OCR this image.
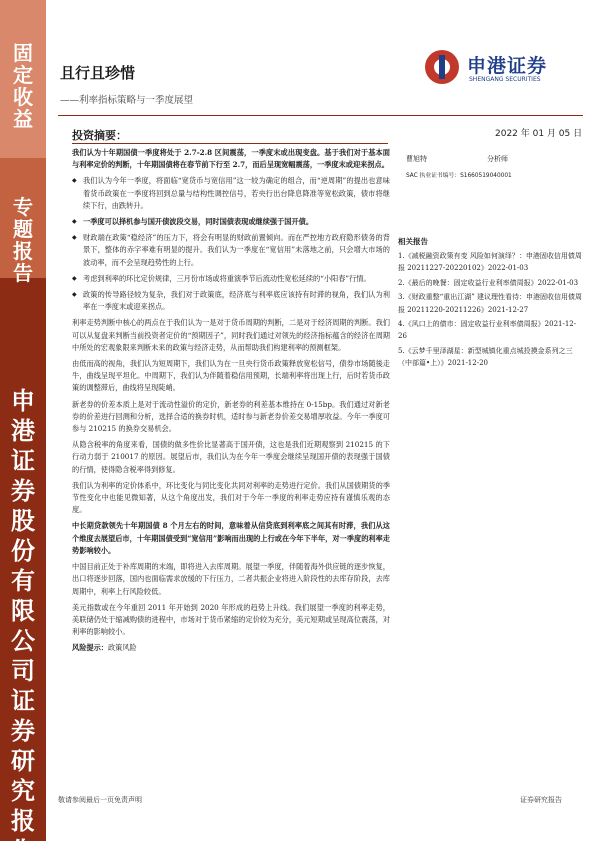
固
定
收
益
专
题
报
告
申
港
证
券
股
份
有
限
公
司
证
券
研
究
报
告
且行且珍惜
——利率指标策略与一季度展望
申港证券
SHENGANG SECURITIES
投资摘要：

我们认为十年期国债一季度将处于 2.7-2.8 区间震荡，一季度末或出现变盘。基于我们对于基本面与利率定价的判断，十年期国债将在春节前下行至 2.7，而后呈现宽幅震荡，一季度末或迎来拐点。

◆ 我们认为今年一季度，将面临“宽货币与宽信用”这一较为确定的组合，而“逆周期”的提出也意味着货币政策在一季度将回到总量与结构性调控信号，若央行出台降息降准等宽松政策，债市将继续下行，由跌转升。

◆ 一季度可以择机参与国开债波段交易，同时国债表现或继续强于国开债。

◆ 财政端在政策“稳经济”的压力下，将会有明显的财政前置倾向。而在严控地方政府隐形债务的背景下，整体的赤字率难有明显的提升。我们认为一季度在“宽信用”未落地之前，只会增大市场的波动率，而不会呈现趋势性的上行。

◆ 考虑到利率的环比定价规律，三月份市场或将重演季节后流动性宽松延续的“小阳春”行情。

◆ 政策的传导路径较为复杂，我们对于政策底，经济底与利率底应该持有时滞的视角，我们认为利率在一季度末或迎来拐点。

利率走势判断中核心的两点在于我们认为一是对于货币周期的判断，二是对于经济周期的判断。我们可以从复盘来判断当前投资者定价的“预期因子”，同时我们通过对领先的经济指标蕴含的经济在周期中所处的宏观象限来判断未来的政策与经济走势，从而帮助我们构建利率的预测框架。

由低而高的视角，我们认为短周期下，我们认为在一旦央行货币政策释放宽松信号，债券市场随後走牛，曲线呈现平坦化。中周期下，我们认为伴随着稳信用预期，长端利率将出现上行，后时若货币政策的调整滞后，曲线将呈现陡峭。

新老券的价差本质上是对于流动性溢价的定价，新老券的利差基本维持在 0-15bp。我们通过对新老券的价差进行回测和分析，选择合适的换券时机，适时参与新老券价差交易增厚收益。今年一季度可参与 210215 的换券交易机会。

从隐含税率的角度来看，国债的做多性价比显著高于国开债，这也是我们近期观察到 210215 的下行动力弱于 210017 的原因。展望后市，我们认为在今年一季度会继续呈现国开债的表现强于国债的行情，使得隐含税率得到修复。

我们认为利率的定价体系中，环比变化与同比变化共同对利率的走势进行定价。我们从国债期货的季节性变化中也能见微知著，从这个角度出发，我们对于今年一季度的利率走势应持有谨慎乐观的态度。

中长期贷款领先十年期国债 8 个月左右的时间，意味着从信贷底到利率底之间其有时滞，我们从这个维度去展望后市，十年期国债受到“宽信用”影响而出现的上行或在今年下半年，对一季度的利率走势影响较小。

中国目前正处于补库周期的末端，即将进入去库周期。展望一季度，伴随着海外供应链的逐步恢复，出口将逐步回落，国内也面临需求放缓的下行压力，二者共振企业将进入阶段性的去库存阶段，去库周期中，利率上行风险较低。

美元指数或在今年重回 2011 年开始到 2020 年形成的趋势上升线。我们展望一季度的利率走势，美联储仍处于缩减购债的进程中，市场对于货币紧缩的定价较为充分，美元短期或呈现高位震荡，对利率的影响较小。

风险提示：政策风险

2022 年 01 月 05 日
曹旭特	分析师
SAC 执业证书编号：S1660519040001
相关报告
1.《减税融资政策有变 风险如何演绎？：申港固收信用债周报 20211227-20220102》2022-01-03
2.《最后的晚餐：固定收益行业利率债周报》2022-01-03
3.《财政重整“重出江湖” 建议理性看待：申港固收信用债周报 20211220-20211226》2021-12-27
4.《风口上的债市：固定收益行业利率债周报》2021-12-26
5.《云梦千里泽湖星：新型城镇化重点城投摸金系列之三（中部篇•上）》2021-12-20
敬请参阅最后一页免责声明	证券研究报告
